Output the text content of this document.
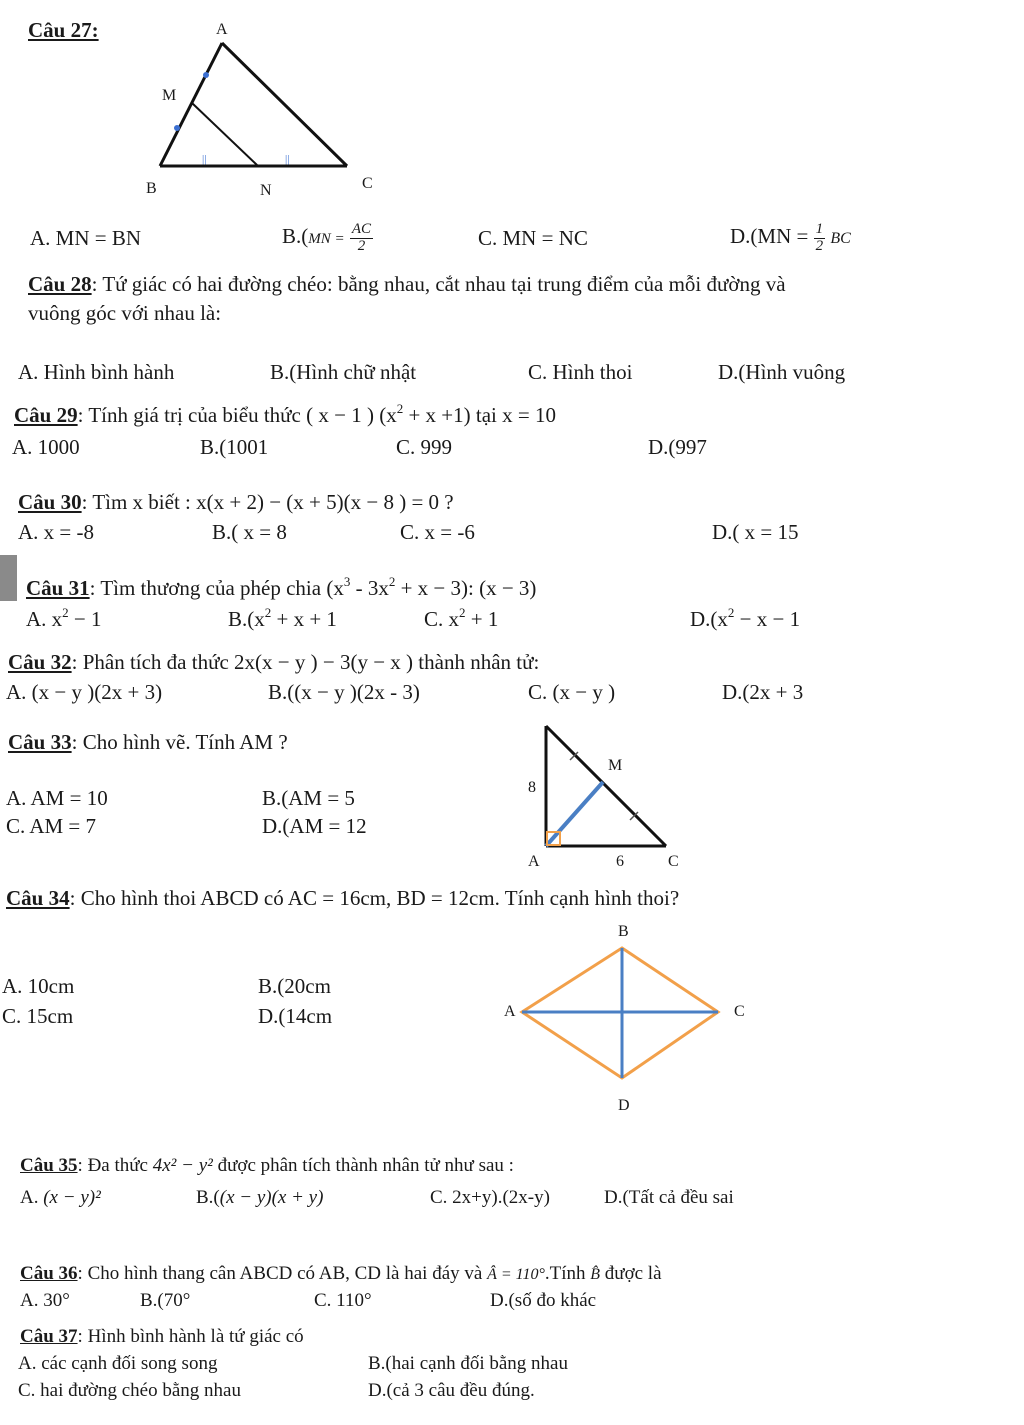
Câu 27:
||	||
A
M
B	N	C
A. MN = BN	$B.(MN = \frac{AC}{2}$	C. MN = NC	$D.(MN = \frac{1}{2}$ BC
Câu 28: Tứ giác có hai đường chéo: bằng nhau, cắt nhau tại trung điểm của mỗi đường và
vuông góc với nhau là:
A. Hình bình hành	B.(Hình chữ nhật	C. Hình thoi	D.(Hình vuông
Câu 29: Tính giá trị của biểu thức ( x − 1 ) $(x^2 + x +1)$ tại x = 10
A. 1000	B.(1001	C. 999	D.(997
Câu 30: Tìm x biết : x(x + 2) − (x + 5)(x − 8 ) = 0 ?
A. x = -8	B.( x = 8	C. x = -6	D.( x = 15
Câu 31: Tìm thương của phép chia $(x^3 - 3x^2 + x - 3)$: (x − 3)
A. $x^2 - 1$	$B.(x^2 + x + 1$	C. $x^2 + 1$	$D.(x^2 - x - 1$
Câu 32: Phân tích đa thức 2x(x − y ) − 3(y − x ) thành nhân tử:
A. (x − y )(2x + 3)	B.((x − y )(2x - 3)	C. (x − y )	D.(2x + 3
Câu 33: Cho hình vẽ. Tính AM ?
A. AM = 10	B.(AM = 5
C. AM = 7	D.(AM = 12
M
8
A	6	C
Câu 34: Cho hình thoi ABCD có AC = 16cm, BD = 12cm. Tính cạnh hình thoi?
A. 10cm	B.(20cm
C. 15cm	D.(14cm
B
A	C
D
Câu 35: Đa thức 4x² − y² được phân tích thành nhân tử như sau :
A. (x − y)²	B.((x − y)(x + y)	C. 2x+y).(2x-y)	D.(Tất cả đều sai
Câu 36: Cho hình thang cân ABCD có AB, CD là hai đáy và Â = 110°.Tính B̂ được là
A. 30°	B.(70°	C. 110°	D.(số đo khác
Câu 37: Hình bình hành là tứ giác có
A. các cạnh đối song song	B.(hai cạnh đối bằng nhau
C. hai đường chéo bằng nhau	D.(cả 3 câu đều đúng.
